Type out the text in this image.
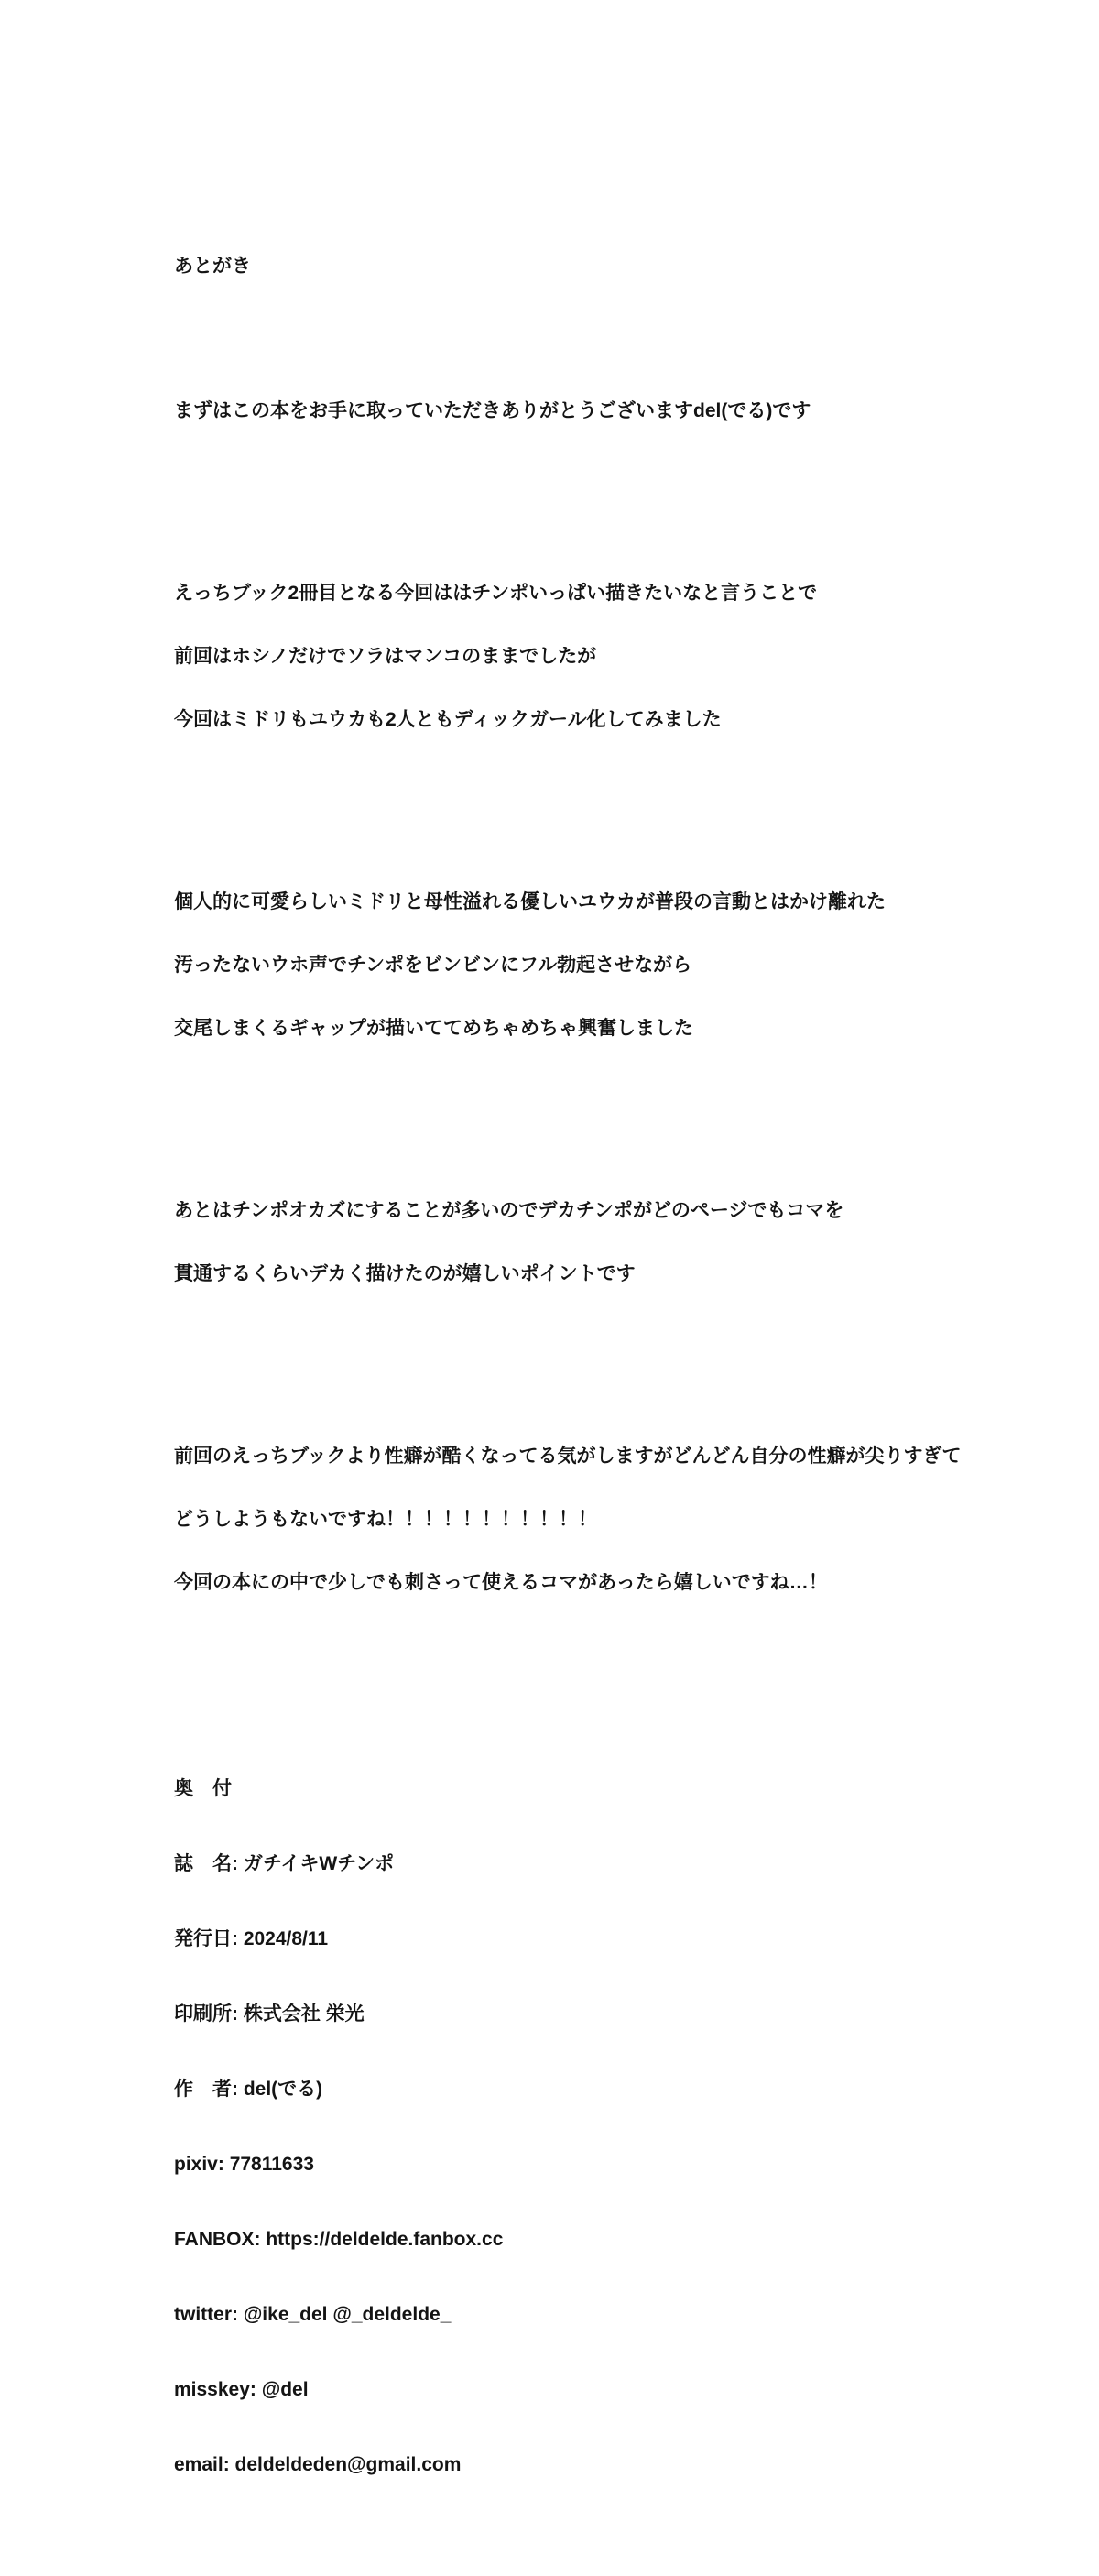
あとがき

まずはこの本をお手に取っていただきありがとうございますdel(でる)です

えっちブック2冊目となる今回ははチンポいっぱい描きたいなと言うことで

前回はホシノだけでソラはマンコのままでしたが

今回はミドリもユウカも2人ともディックガール化してみました

個人的に可愛らしいミドリと母性溢れる優しいユウカが普段の言動とはかけ離れた

汚ったないウホ声でチンポをビンビンにフル勃起させながら

交尾しまくるギャップが描いててめちゃめちゃ興奮しました

あとはチンポオカズにすることが多いのでデカチンポがどのページでもコマを

貫通するくらいデカく描けたのが嬉しいポイントです

前回のえっちブックより性癖が酷くなってる気がしますがどんどん自分の性癖が尖りすぎて

どうしようもないですね！！！！！！！！！！！

今回の本にの中で少しでも刺さって使えるコマがあったら嬉しいですね…！

奥　付

誌　名: ガチイキWチンポ

発行日: 2024/8/11

印刷所: 株式会社 栄光

作　者: del(でる)

pixiv: 77811633

FANBOX: https://deldelde.fanbox.cc

twitter: @ike_del @_deldelde_

misskey: @del

email: deldeldeden@gmail.com
